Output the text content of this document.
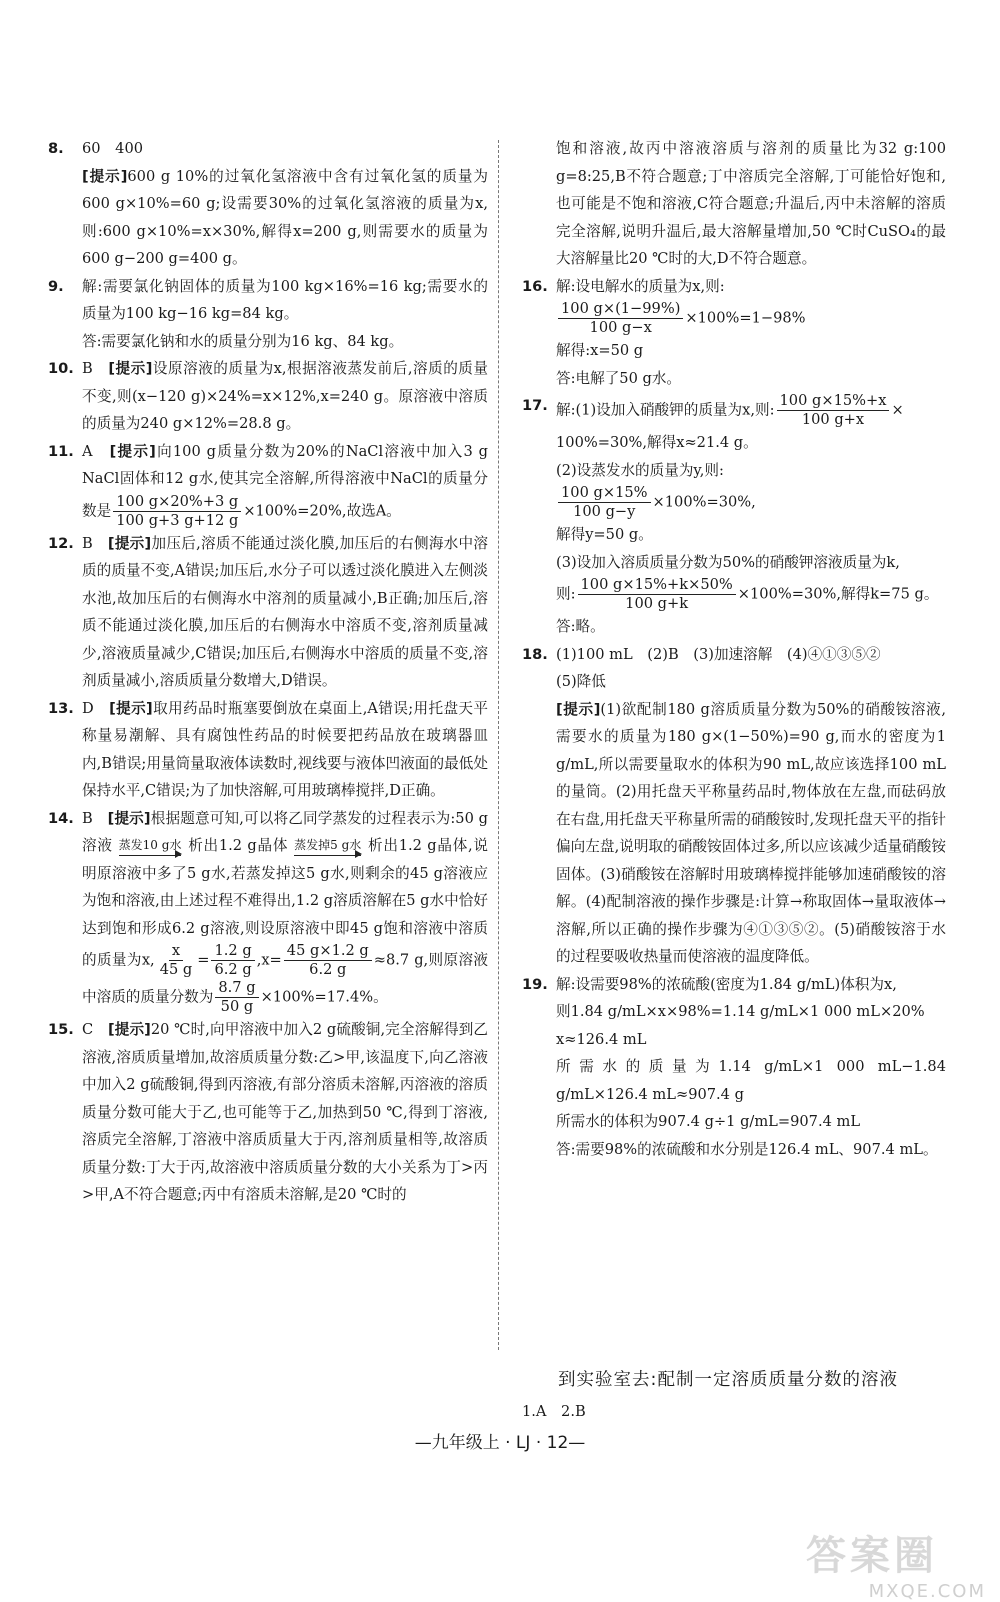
8.	60　400

[提示]600 g 10%的过氧化氢溶液中含有过氧化氢的质量为600 g×10%=60 g;设需要30%的过氧化氢溶液的质量为x,则:600 g×10%=x×30%,解得x=200 g,则需要水的质量为600 g−200 g=400 g。

9.	解:需要氯化钠固体的质量为100 kg×16%=16 kg;需要水的质量为100 kg−16 kg=84 kg。

答:需要氯化钠和水的质量分别为16 kg、84 kg。

10. B　 [提示]设原溶液的质量为x,根据溶液蒸发前后,溶质的质量不变,则(x−120 g)×24%=x×12%,x=240 g。原溶液中溶质的质量为240 g×12%=28.8 g。

11. A　 [提示]向100 g质量分数为20%的NaCl溶液中加入3 g NaCl固体和12 g水,使其完全溶解,所得溶液中NaCl的质量分数是 $\frac{100 g\times 20\%+3 g}{100 g+3 g+12 g} \times 100\%=20\%$,故选A。

12. B　 [提示]加压后,溶质不能通过淡化膜,加压后的右侧海水中溶质的质量不变,A错误;加压后,水分子可以透过淡化膜进入左侧淡水池,故加压后的右侧海水中溶剂的质量减小,B正确;加压后,溶质不能通过淡化膜,加压后的右侧海水中溶质不变,溶剂质量减少,溶液质量减少,C错误;加压后,右侧海水中溶质的质量不变,溶剂质量减小,溶质质量分数增大,D错误。

13. D　 [提示]取用药品时瓶塞要倒放在桌面上,A错误;用托盘天平称量易潮解、具有腐蚀性药品的时候要把药品放在玻璃器皿内,B错误;用量筒量取液体读数时,视线要与液体凹液面的最低处保持水平,C错误;为了加快溶解,可用玻璃棒搅拌,D正确。

14. B　 [提示]根据题意可知,可以将乙同学蒸发的过程表示为:50 g溶液 蒸发10 g水 析出1.2 g晶体 蒸发掉5 g水 析出1.2 g晶体,说明原溶液中多了5 g水,若蒸发掉这5 g水,则剩余的45 g溶液应为饱和溶液,由上述过程不难得出,1.2 g溶质溶解在5 g水中恰好达到饱和形成6.2 g溶液,则设原溶液中即45 g饱和溶液中溶质的质量为x, $\frac{x}{45 g} = \frac{1.2 g}{6.2 g} ,x= \frac{45 g\times 1.2 g}{6.2 g} \approx 8.7$ g,则原溶液中溶质的质量分数为 $\frac{8.7 g}{50 g} \times 100\%=17.4\%$。

15. C　 [提示]20 ℃时,向甲溶液中加入2 g硫酸铜,完全溶解得到乙溶液,溶质质量增加,故溶质质量分数:乙>甲,该温度下,向乙溶液中加入2 g硫酸铜,得到丙溶液,有部分溶质未溶解,丙溶液的溶质质量分数可能大于乙,也可能等于乙,加热到50 ℃,得到丁溶液,溶质完全溶解,丁溶液中溶质质量大于丙,溶剂质量相等,故溶质质量分数:丁大于丙,故溶液中溶质质量分数的大小关系为丁>丙>甲,A不符合题意;丙中有溶质未溶解,是20 ℃时的

饱和溶液,故丙中溶液溶质与溶剂的质量比为32 g:100 g=8:25,B不符合题意;丁中溶质完全溶解,丁可能恰好饱和,也可能是不饱和溶液,C符合题意;升温后,丙中未溶解的溶质完全溶解,说明升温后,最大溶解量增加,50 ℃时CuSO₄的最大溶解量比20 ℃时的大,D不符合题意。

16. 解:设电解水的质量为x,则:

$\frac{100 g\times(1-99\%)}{100 g-x} \times 100\%=1-98\%$

解得:x=50 g

答:电解了50 g水。

17. 解:(1)设加入硝酸钾的质量为x,则: $\frac{100 g\times 15\%+x}{100 g+x}$ ×

100%=30%,解得x≈21.4 g。

(2)设蒸发水的质量为y,则:

$\frac{100 g\times 15\%}{100 g-y} \times 100\%=30\%$,

解得y=50 g。

(3)设加入溶质质量分数为50%的硝酸钾溶液质量为k,

则: $\frac{100 g\times 15\%+k\times 50\%}{100 g+k} \times 100\%=30\%$,解得k=75 g。

答:略。

18. (1)100 mL　(2)B　(3)加速溶解　(4)④①③⑤②

(5)降低

[提示](1)欲配制180 g溶质质量分数为50%的硝酸铵溶液,需要水的质量为180 g×(1−50%)=90 g,而水的密度为1 g/mL,所以需要量取水的体积为90 mL,故应该选择100 mL的量筒。(2)用托盘天平称量药品时,物体放在左盘,而砝码放在右盘,用托盘天平称量所需的硝酸铵时,发现托盘天平的指针偏向左盘,说明取的硝酸铵固体过多,所以应该减少适量硝酸铵固体。(3)硝酸铵在溶解时用玻璃棒搅拌能够加速硝酸铵的溶解。(4)配制溶液的操作步骤是:计算→称取固体→量取液体→溶解,所以正确的操作步骤为④①③⑤②。(5)硝酸铵溶于水的过程要吸收热量而使溶液的温度降低。

19. 解:设需要98%的浓硫酸(密度为1.84 g/mL)体积为x,

则1.84 g/mL×x×98%=1.14 g/mL×1 000 mL×20%

x≈126.4 mL

所需水的质量为1.14 g/mL×1 000 mL−1.84 g/mL×126.4 mL≈907.4 g

所需水的体积为907.4 g÷1 g/mL=907.4 mL

答:需要98%的浓硫酸和水分别是126.4 mL、907.4 mL。

到实验室去:配制一定溶质质量分数的溶液
1.A　2.B
—九年级上 · LJ · 12—
答案圈
MXQE.COM
